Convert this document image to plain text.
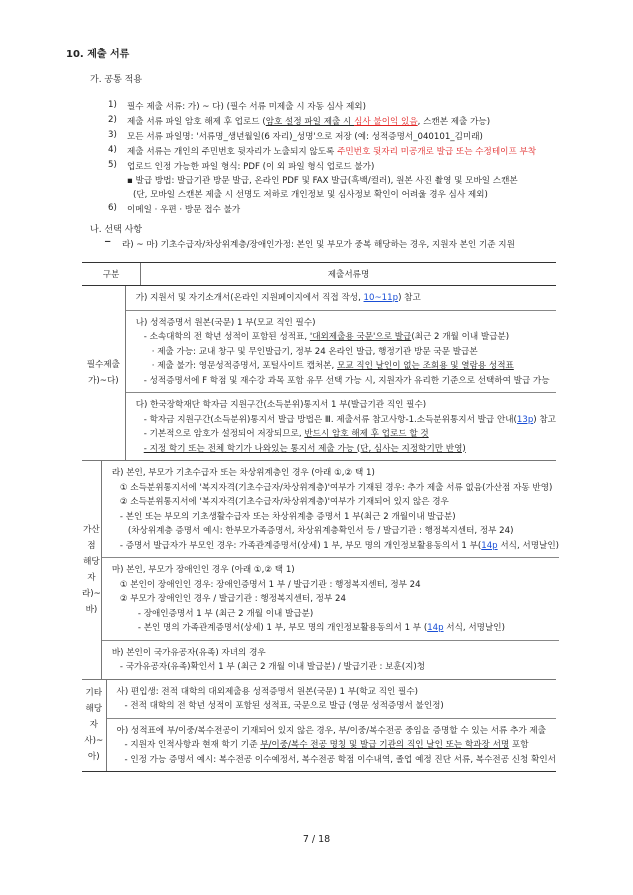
10. 제출 서류
가. 공통 적용
1) 필수 제출 서류: 가) ~ 다) (필수 서류 미제출 시 자동 심사 제외)
2) 제출 서류 파일 암호 해제 후 업로드 (암호 설정 파일 제출 시 심사 불이익 있음, 스캔본 제출 가능)
3) 모든 서류 파일명: '서류명_생년월일(6 자리)_성명'으로 저장 (예: 성적증명서_040101_김미래)
4) 제출 서류는 개인의 주민번호 뒷자리가 노출되지 않도록 주민번호 뒷자리 미공개로 발급 또는 수정테이프 부착
5) 업로드 인정 가능한 파일 형식: PDF (이 외 파일 형식 업로드 불가)
▪ 발급 방법: 발급기관 방문 발급, 온라인 PDF 및 FAX 발급(흑백/컬러), 원본 사진 촬영 및 모바일 스캔본
(단, 모바일 스캔본 제출 시 선명도 저하로 개인정보 및 심사정보 확인이 어려울 경우 심사 제외)
6) 이메일 · 우편 · 방문 접수 불가
나. 선택 사항
− 라) ~ 마) 기초수급자/차상위계층/장애인가정: 본인 및 부모가 중복 해당하는 경우, 지원자 본인 기준 지원
구분	제출서류명
필수제출
가)~다)
가) 지원서 및 자기소개서(온라인 지원페이지에서 직접 작성, 10~11p) 참고
나) 성적증명서 원본(국문) 1 부(모교 직인 필수)
- 소속대학의 전 학년 성적이 포함된 성적표, '대외제출용 국문'으로 발급(최근 2 개월 이내 발급분)
· 제출 가능: 교내 창구 및 무인발급기, 정부 24 온라인 발급, 행정기관 방문 국문 발급본
· 제출 불가: 영문성적증명서, 포털사이트 캡처본, 모교 직인 날인이 없는 조회용 및 열람용 성적표
- 성적증명서에 F 학점 및 재수강 과목 포함 유무 선택 가능 시, 지원자가 유리한 기준으로 선택하여 발급 가능
다) 한국장학재단 학자금 지원구간(소득분위)통지서 1 부(발급기관 직인 필수)
- 학자금 지원구간(소득분위)통지서 발급 방법은 Ⅲ. 제출서류 참고사항-1.소득분위통지서 발급 안내(13p) 참고
- 기본적으로 암호가 설정되어 저장되므로, 반드시 암호 해제 후 업로드 할 것
- 지정 학기 또는 전체 학기가 나와있는 통지서 제출 가능 (단, 심사는 지정학기만 반영)
가산점
해당자
라)~바)
라) 본인, 부모가 기초수급자 또는 차상위계층인 경우 (아래 ①,② 택 1)
① 소득분위통지서에 '복지자격(기초수급자/차상위계층)'여부가 기재된 경우: 추가 제출 서류 없음(가산점 자동 반영)
② 소득분위통지서에 '복지자격(기초수급자/차상위계층)'여부가 기재되어 있지 않은 경우
- 본인 또는 부모의 기초생활수급자 또는 차상위계층 증명서 1 부(최근 2 개월이내 발급분)
(차상위계층 증명서 예시: 한부모가족증명서, 차상위계층확인서 등 / 발급기관 : 행정복지센터, 정부 24)
- 증명서 발급자가 부모인 경우: 가족관계증명서(상세) 1 부, 부모 명의 개인정보활용동의서 1 부(14p 서식, 서명날인)
마) 본인, 부모가 장애인인 경우 (아래 ①,② 택 1)
① 본인이 장애인인 경우: 장애인증명서 1 부 / 발급기관 : 행정복지센터, 정부 24
② 부모가 장애인인 경우 / 발급기관 : 행정복지센터, 정부 24
- 장애인증명서 1 부 (최근 2 개월 이내 발급분)
- 본인 명의 가족관계증명서(상세) 1 부, 부모 명의 개인정보활용동의서 1 부 (14p 서식, 서명날인)
바) 본인이 국가유공자(유족) 자녀의 경우
- 국가유공자(유족)확인서 1 부 (최근 2 개월 이내 발급분) / 발급기관 : 보훈(지)청
기타
해당자
사)~아)
사) 편입생: 전적 대학의 대외제출용 성적증명서 원본(국문) 1 부(학교 직인 필수)
- 전적 대학의 전 학년 성적이 포함된 성적표, 국문으로 발급 (영문 성적증명서 불인정)
아) 성적표에 부/이중/복수전공이 기재되어 있지 않은 경우, 부/이중/복수전공 중임을 증명할 수 있는 서류 추가 제출
- 지원자 인적사항과 현재 학기 기준 부/이중/복수 전공 명칭 및 발급 기관의 직인 날인 또는 학과장 서명 포함
- 인정 가능 증명서 예시: 복수전공 이수예정서, 복수전공 학점 이수내역, 졸업 예정 진단 서류, 복수전공 신청 확인서
7 / 18
